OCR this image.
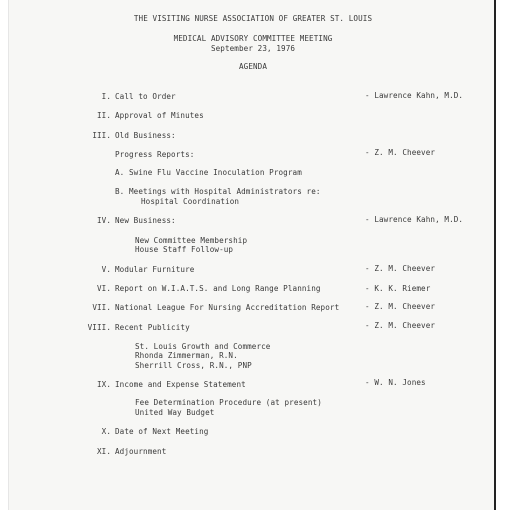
THE VISITING NURSE ASSOCIATION OF GREATER ST. LOUIS
MEDICAL ADVISORY COMMITTEE MEETING
September 23, 1976
AGENDA
I. Call to Order	- Lawrence Kahn, M.D.
II. Approval of Minutes
III. Old Business:
Progress Reports:	- Z. M. Cheever
A. Swine Flu Vaccine Inoculation Program
B. Meetings with Hospital Administrators re:
Hospital Coordination
IV. New Business:	- Lawrence Kahn, M.D.
New Committee Membership
House Staff Follow-up
V. Modular Furniture	- Z. M. Cheever
VI. Report on W.I.A.T.S. and Long Range Planning	- K. K. Riemer
VII. National League For Nursing Accreditation Report	- Z. M. Cheever
VIII. Recent Publicity	- Z. M. Cheever
St. Louis Growth and Commerce
Rhonda Zimmerman, R.N.
Sherrill Cross, R.N., PNP
IX. Income and Expense Statement	- W. N. Jones
Fee Determination Procedure (at present)
United Way Budget
X. Date of Next Meeting
XI. Adjournment
